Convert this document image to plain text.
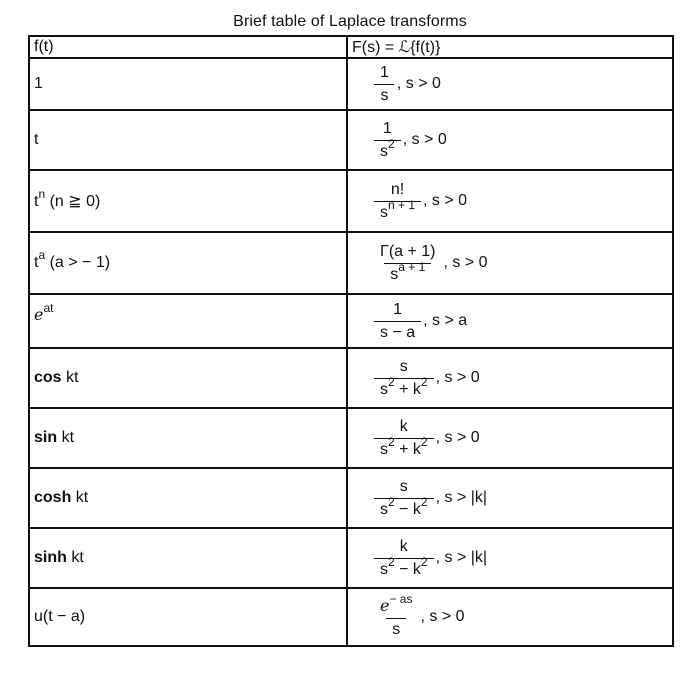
Brief table of Laplace transforms
f(t)	F(s) = ℒ{f(t)}
1	$\frac{1}{s}$ , s > 0
t	$\frac{1}{s^2}$ , s > 0
$t^n$ (n ≧ 0)	$\frac{n!}{s^{n + 1}}$ , s > 0
$t^a$ (a > − 1)	$\frac{\Gamma(a + 1)}{s^{a + 1}}$ , s > 0
$e^{at}$	$\frac{1}{s - a}$ , s > a
cos kt	$\frac{s}{s^2 + k^2}$ , s > 0
sin kt	$\frac{k}{s^2 + k^2}$ , s > 0
cosh kt	$\frac{s}{s^2 - k^2}$ , s > |k|
sinh kt	$\frac{k}{s^2 - k^2}$ , s > |k|
u(t − a)	$\frac{e^{- as}}{s}$ , s > 0
